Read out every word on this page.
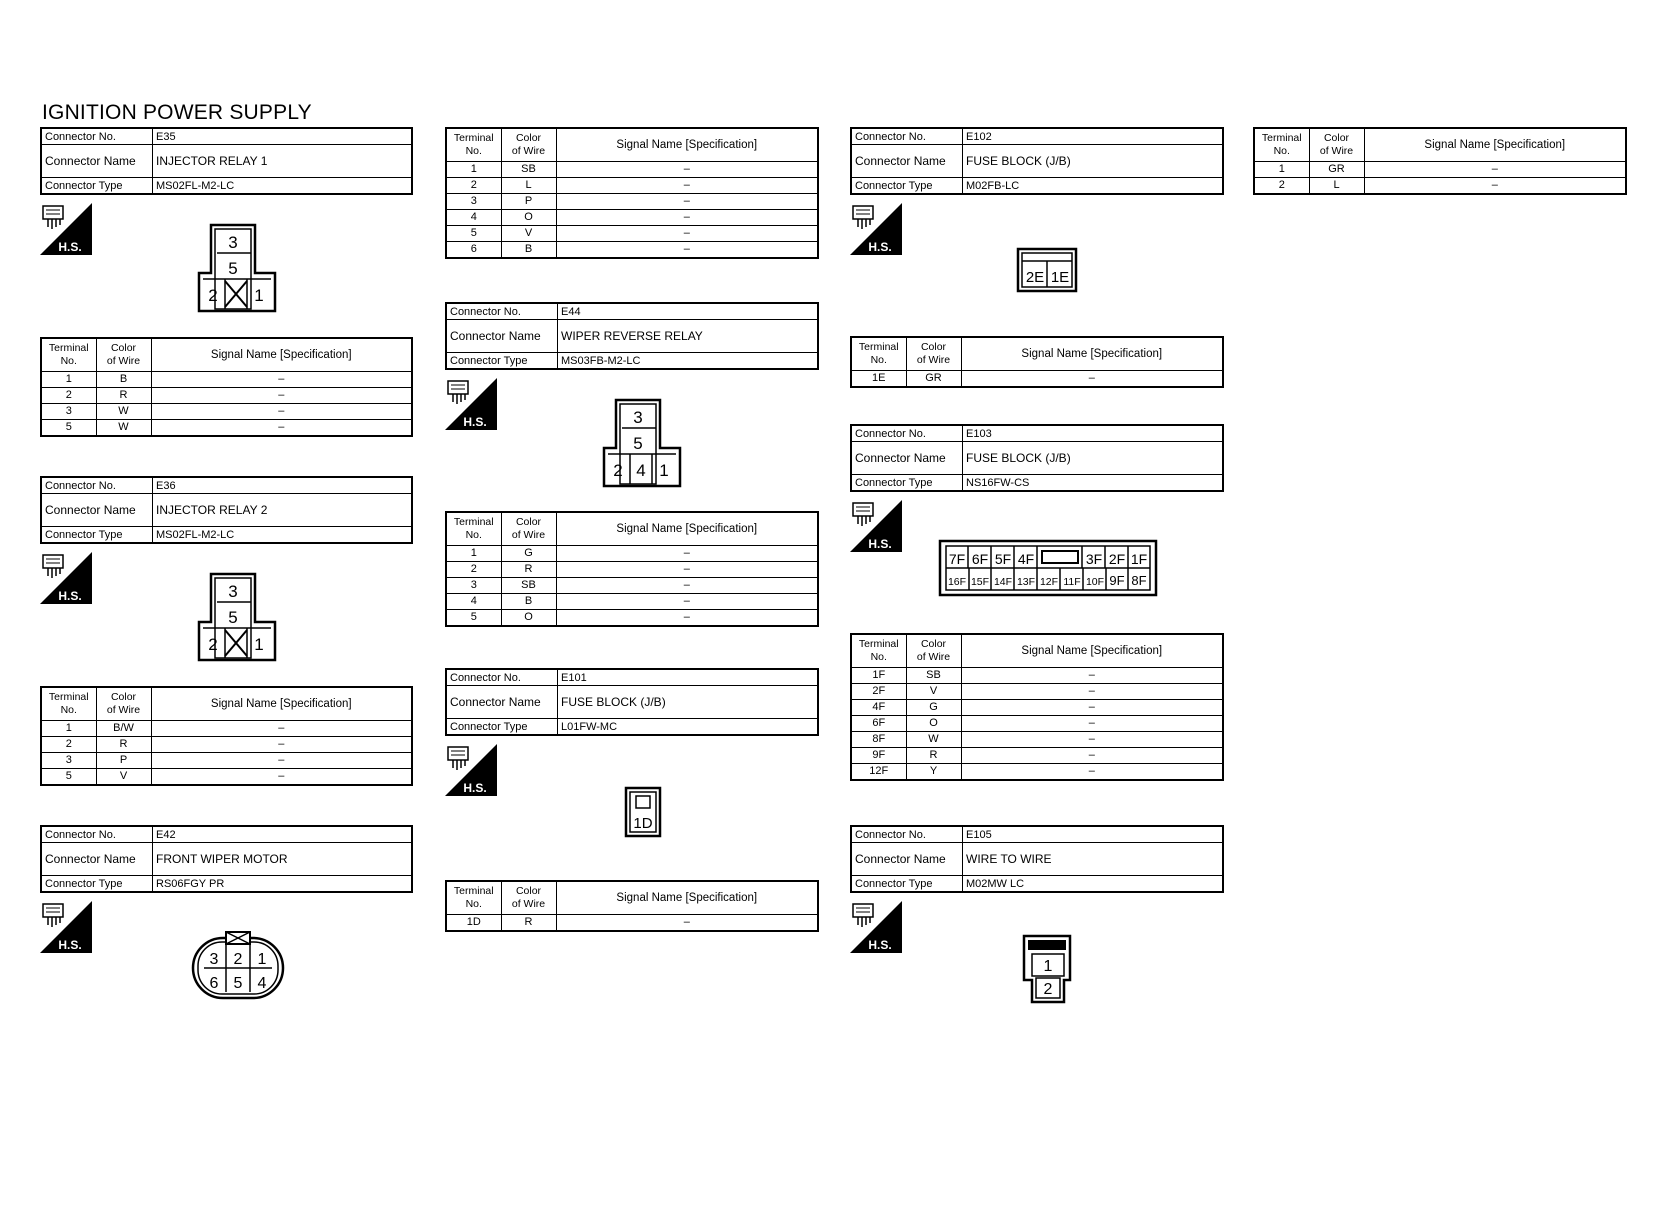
IGNITION POWER SUPPLY
Connector No.	E35
Connector Name	INJECTOR RELAY 1
Connector Type	MS02FL-M2-LC
H.S.	3
5
2 1
Terminal
No.	Color
of Wire	Signal Name [Specification]
1	B	–
2	R	–
3	W	–
5	W	–
Connector No.	E36
Connector Name	INJECTOR RELAY 2
Connector Type	MS02FL-M2-LC
H.S.	3
5
2 1
Terminal
No.	Color
of Wire	Signal Name [Specification]
1	B/W	–
2	R	–
3	P	–
5	V	–
Connector No.	E42
Connector Name	FRONT WIPER MOTOR
Connector Type	RS06FGY PR
H.S.
3 2 1
6 5 4
Terminal
No.	Color
of Wire	Signal Name [Specification]
1	SB	–
2	L	–
3	P	–
4	O	–
5	V	–
6	B	–
Connector No.	E44
Connector Name	WIPER REVERSE RELAY
Connector Type	MS03FB-M2-LC
H.S.	3
5
2 4 1
Terminal
No.	Color
of Wire	Signal Name [Specification]
1	G	–
2	R	–
3	SB	–
4	B	–
5	O	–
Connector No.	E101
Connector Name	FUSE BLOCK (J/B)
Connector Type	L01FW-MC
H.S.
1D
Terminal
No.	Color
of Wire	Signal Name [Specification]
1D	R	–
Connector No.	E102
Connector Name	FUSE BLOCK (J/B)
Connector Type	M02FB-LC
H.S.
2E 1E
Terminal
No.	Color
of Wire	Signal Name [Specification]
1E	GR	–
Connector No.	E103
Connector Name	FUSE BLOCK (J/B)
Connector Type	NS16FW-CS
H.S.
7F 6F 5F 4F	3F 2F 1F
16F 15F 14F 13F 12F 11F 10F 9F 8F
Terminal
No.	Color
of Wire	Signal Name [Specification]
1F	SB	–
2F	V	–
4F	G	–
6F	O	–
8F	W	–
9F	R	–
12F	Y	–
Connector No.	E105
Connector Name	WIRE TO WIRE
Connector Type	M02MW LC
H.S.
1
2
Terminal
No.	Color
of Wire	Signal Name [Specification]
1	GR	–
2	L	–
